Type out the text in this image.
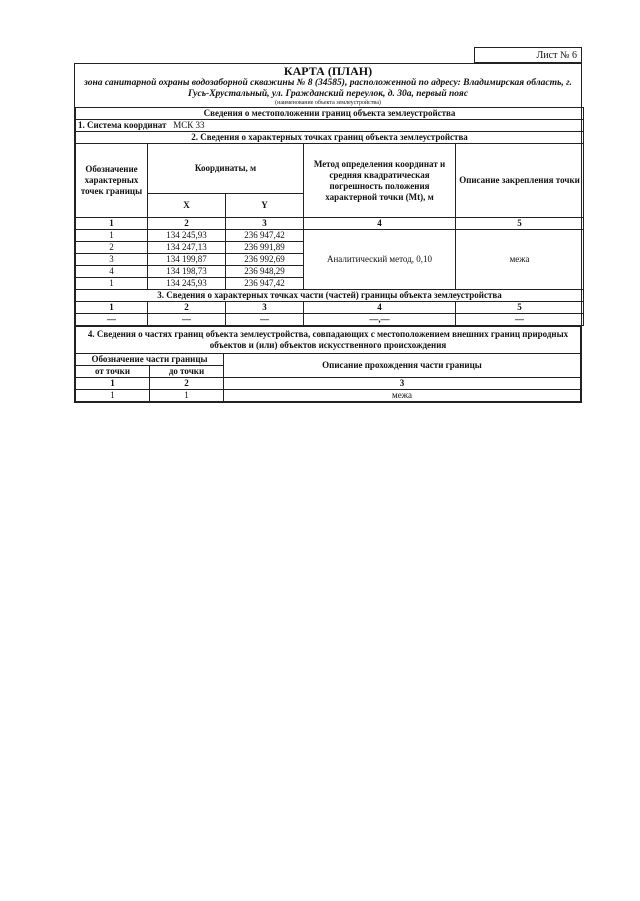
Лист № 6
КАРТА (ПЛАН)
зона санитарной охраны водозаборной скважины № 8 (34585), расположенной по адресу: Владимирская область, г. Гусь-Хрустальный, ул. Гражданский переулок, д. 30а, первый пояс
(наименование объекта землеустройства)
Сведения о местоположении границ объекта землеустройства				
1. Система координат МСК 33				
2. Сведения о характерных точках границ объекта землеустройства				
Обозначение характерных точек границы	Координаты, м		Метод определения координат и средняя квадратическая погрешность положения характерной точки (Mt), м	Описание закрепления точки
	X	Y		
1	2	3	4	5
1	134 245,93	236 947,42	Аналитический метод, 0,10	межа
2	134 247,13	236 991,89		
3	134 199,87	236 992,69		
4	134 198,73	236 948,29		
1	134 245,93	236 947,42		
3. Сведения о характерных точках части (частей) границы объекта землеустройства				
1	2	3	4	5
—	—	—	—,—	—
4. Сведения о частях границ объекта землеустройства, совпадающих с местоположением внешних границ природных объектов и (или) объектов искусственного происхождения		
Обозначение части границы		Описание прохождения части границы
от точки	до точки	
1	2	3
1	1	межа
